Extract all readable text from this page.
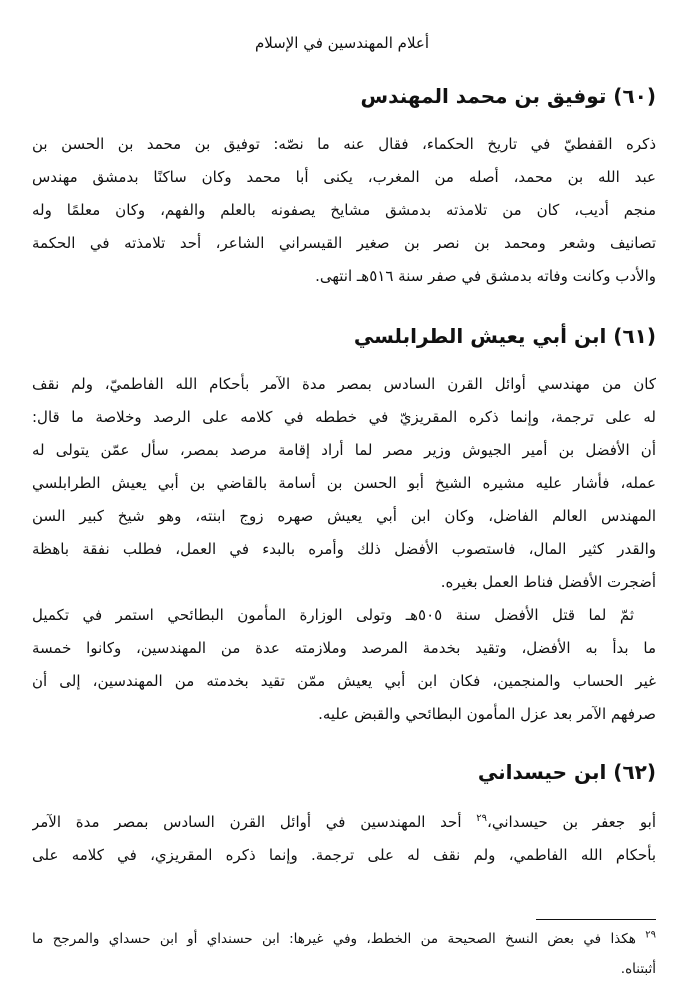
أعلام المهندسين في الإسلام
(٦٠) توفيق بن محمد المهندس
ذكره القفطيّ في تاريخ الحكماء، فقال عنه ما نصّه: توفيق بن محمد بن الحسن بن
عبد الله بن محمد، أصله من المغرب، يكنى أبا محمد وكان ساكنًا بدمشق مهندس
منجم أديب، كان من تلامذته بدمشق مشايخ يصفونه بالعلم والفهم، وكان معلمًا وله
تصانيف وشعر ومحمد بن نصر بن صغير القيسراني الشاعر، أحد تلامذته في الحكمة
والأدب وكانت وفاته بدمشق في صفر سنة ٥١٦هـ انتهى.
(٦١) ابن أبي يعيش الطرابلسي
كان من مهندسي أوائل القرن السادس بمصر مدة الآمر بأحكام الله الفاطميّ، ولم نقف
له على ترجمة، وإنما ذكره المقريزيّ في خططه في كلامه على الرصد وخلاصة ما قال:
أن الأفضل بن أمير الجيوش وزير مصر لما أراد إقامة مرصد بمصر، سأل عمّن يتولى له
عمله، فأشار عليه مشيره الشيخ أبو الحسن بن أسامة بالقاضي بن أبي يعيش الطرابلسي
المهندس العالم الفاضل، وكان ابن أبي يعيش صهره زوج ابنته، وهو شيخ كبير السن
والقدر كثير المال، فاستصوب الأفضل ذلك وأمره بالبدء في العمل، فطلب نفقة باهظة
أضجرت الأفضل فناط العمل بغيره.
ثمّ لما قتل الأفضل سنة ٥٠٥هـ وتولى الوزارة المأمون البطائحي استمر في تكميل
ما بدأ به الأفضل، وتقيد بخدمة المرصد وملازمته عدة من المهندسين، وكانوا خمسة
غير الحساب والمنجمين، فكان ابن أبي يعيش ممّن تقيد بخدمته من المهندسين، إلى أن
صرفهم الآمر بعد عزل المأمون البطائحي والقبض عليه.
(٦٢) ابن حيسداني
أبو جعفر بن حيسداني،$^{٢٩}$ أحد المهندسين في أوائل القرن السادس بمصر مدة الآمر
بأحكام الله الفاطمي، ولم نقف له على ترجمة. وإنما ذكره المقريزي، في كلامه على
$^{٢٩}$ هكذا في بعض النسخ الصحيحة من الخطط، وفي غيرها: ابن حسنداي أو ابن حسداي والمرجح ما
أثبتناه.
